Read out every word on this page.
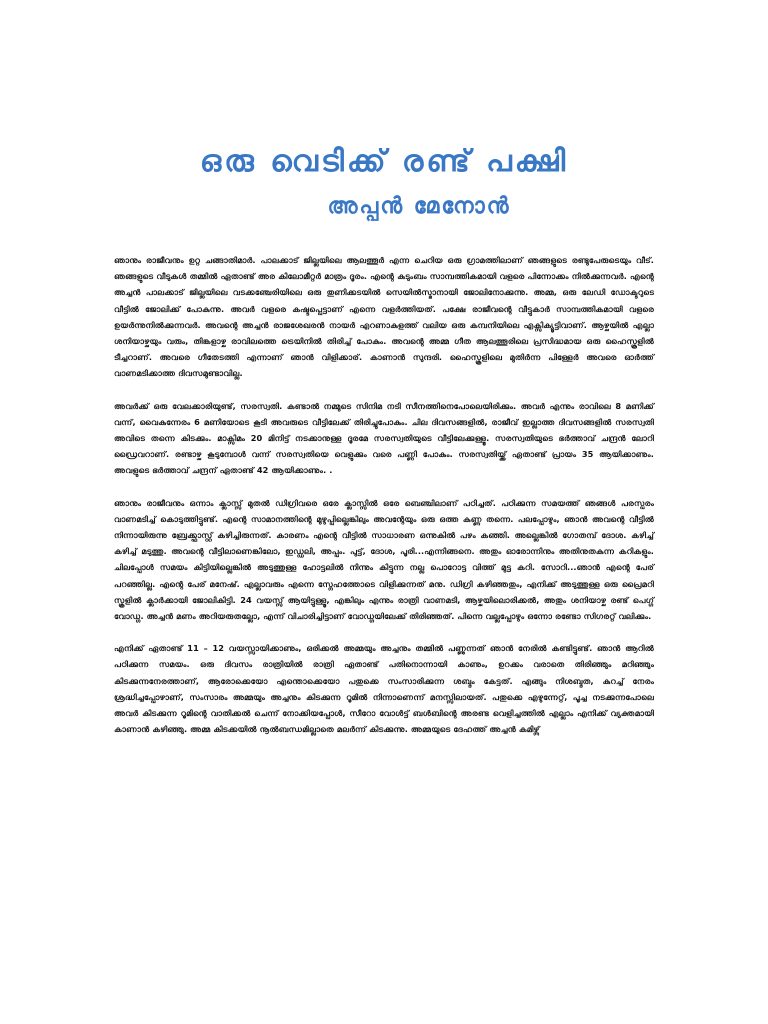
ഒരു വെടിക്ക് രണ്ട് പക്ഷി
അപ്പൻ മേനോൻ

ഞാനും രാജീവനും ഉറ്റ ചങ്ങാതിമാർ. പാലക്കാട് ജില്ലയിലെ ആലത്തൂർ എന്ന ചെറിയ ഒരു ഗ്രാമത്തിലാണ് ഞങ്ങളുടെ രണ്ടുപേരുടെയും വീട്. ഞങ്ങളുടെ വീടുകൾ തമ്മിൽ ഏതാണ്ട് അര കിലോമീറ്റർ മാത്രം ദൂരം. എന്റെ കുടുംബം സാമ്പത്തികമായി വളരെ പിന്നോക്കം നിൽക്കുന്നവർ. എന്റെ അച്ചൻ പാലക്കാട് ജില്ലയിലെ വടക്കഞ്ചേരിയിലെ ഒരു തുണിക്കടയിൽ സെയിൽസ്മാനായി ജോലിനോക്കുന്നു. അമ്മ, ഒരു ലേഡി ഡോക്ടറുടെ വീട്ടിൽ ജോലിക്ക് പോകുന്നു. അവർ വളരെ കഷ്ടപ്പെട്ടാണ് എന്നെ വളർത്തിയത്. പക്ഷേ രാജീവന്റെ വീട്ടുകാർ സാമ്പത്തികമായി വളരെ ഉയർന്നുനിൽക്കുന്നവർ. അവന്റെ അച്ചൻ രാജശേഖരൻ നായർ എറണാകുളത്ത് വലിയ ഒരു കമ്പനിയിലെ എക്സിക്യൂട്ടിവാണ്. ആഴ്ചയിൽ എല്ലാ ശനിയാഴ്ചയും വരും, തിങ്കളാഴ്ച രാവിലത്തെ ട്രെയിനിൽ തിരിച്ച് പോകും. അവന്റെ അമ്മ ഗീത ആലത്തൂരിലെ പ്രസിദ്ധമായ ഒരു ഹൈസ്കൂളിൽ ടീച്ചറാണ്. അവരെ ഗീതേടത്തി എന്നാണ് ഞാൻ വിളിക്കാര്. കാണാൻ സുന്ദരി. ഹൈസ്കൂളിലെ മുതിർന്ന പിള്ളേർ അവരെ ഓർത്ത് വാണമടിക്കാത്ത ദിവസമുണ്ടാവില്ല.

അവർക്ക് ഒരു വേലക്കാരിയുണ്ട്, സരസ്വതി. കണ്ടാൽ നമ്മുടെ സിനിമ നടി സീനത്തിനെപോലെയിരിക്കും. അവർ എന്നും രാവിലെ 8 മണിക്ക് വന്ന്, വൈകുന്നേരം 6 മണിയോടെ കൂടി അവരുടെ വീട്ടിലേക്ക് തിരിച്ചുപോകും. ചില ദിവസങ്ങളിൽ, രാജീവ് ഇല്ലാത്ത ദിവസങ്ങളിൽ സരസ്വതി അവിടെ തന്നെ കിടക്കും. മാക്സിമം 20 മിനിട്ട് നടക്കാനുള്ള ദൂരമേ സരസ്വതിയുടെ വീട്ടിലേക്കുള്ളൂ. സരസ്വതിയുടെ ഭർത്താവ് ചന്ദ്രൻ ലോറി ഡ്രൈവറാണ്. രണ്ടാഴ്ച കൂടുമ്പോൾ വന്ന് സരസ്വതിയെ വെളുക്കും വരെ പണ്ണി പോകും. സരസ്വതിയ്ക്ക് ഏതാണ്ട് പ്രായം 35 ആയിക്കാണും. അവളുടെ ഭർത്താവ് ചന്ദ്രന് ഏതാണ്ട് 42 ആയിക്കാണും. .

ഞാനും രാജീവനും ഒന്നാം ക്ലാസ്സ് മുതൽ ഡിഗ്രിവരെ ഒരേ ക്ലാസ്സിൽ ഒരേ ബെഞ്ചിലാണ് പഠിച്ചത്. പഠിക്കുന്ന സമയത്ത് ഞങ്ങൾ പരസ്പരം വാണമടിച്ച് കൊടുത്തിട്ടുണ്ട്. എന്റെ സാമാനത്തിന്റെ മുഴുപ്പില്ലെങ്കിലും അവന്റേയും ഒരു ഒത്ത കുണ്ണ തന്നെ. പലപ്പോഴും, ഞാൻ അവന്റെ വീട്ടിൽ നിന്നായിരുന്നു ബ്രേക്ക്ഫാസ്റ്റ് കഴിച്ചിരുന്നത്. കാരണം എന്റെ വീട്ടിൽ സാധാരണ ഒന്നുകിൽ പഴം കഞ്ഞി. അല്ലെങ്കിൽ ഗോതമ്പ് ദോശ. കഴിച്ച് കഴിച്ച് മടുത്തു. അവന്റെ വീട്ടിലാണെങ്കിലോ, ഇഡ്ഡലി, അപ്പം. പുട്ട്, ദോശ, പൂരി...എന്നിങ്ങനെ. അതും ഓരോന്നിനും അതിനുതകുന്ന കറികളും. ചിലപ്പോൾ സമയം കിട്ടിയില്ലെങ്കിൽ അടുത്തുള്ള ഹോട്ടലിൽ നിന്നും കിട്ടുന്ന നല്ല പൊറോട്ട വിത്ത് മുട്ട കറി. സോറി...ഞാൻ എന്റെ പേര് പറഞ്ഞില്ല. എന്റെ പേര് മനേഷ്. എല്ലാവരും എന്നെ സ്നേഹത്തോടെ വിളിക്കുന്നത് മനു. ഡിഗ്രി കഴിഞ്ഞതും, എനിക്ക് അടുത്തുള്ള ഒരു പ്രൈമറി സ്കൂളിൽ ക്ലാർക്കായി ജോലികിട്ടി. 24 വയസ്സ് ആയിട്ടുള്ളൂ, എങ്കിലും എന്നും രാത്രി വാണമടി, ആഴ്ചയിലൊരിക്കൽ, അതും ശനിയാഴ്ച രണ്ട് പെഗ്ഗ് വോഡ്ഗ. അച്ചൻ മണം അറിയരുതല്ലോ, എന്ന് വിചാരിച്ചിട്ടാണ് വോഡ്ഗയിലേക്ക് തിരിഞ്ഞത്. പിന്നെ വല്ലപ്പോഴും ഒന്നോ രണ്ടോ സിഗരറ്റ് വലിക്കും.

എനിക്ക് ഏതാണ്ട് 11 – 12 വയസ്സായിക്കാണും, ഒരിക്കൽ അമ്മയും അച്ചനും തമ്മിൽ പണ്ണുന്നത് ഞാൻ നേരിൽ കണ്ടിട്ടുണ്ട്. ഞാൻ ആറിൽ പഠിക്കുന്ന സമയം. ഒരു ദിവസം രാത്രിയിൽ രാത്രി ഏതാണ്ട് പതിനൊന്നായി കാണും, ഉറക്കം വരാതെ തിരിഞ്ഞും മറിഞ്ഞും കിടക്കുന്നനേരത്താണ്, ആരോക്കെയോ എന്തൊക്കെയോ പതുക്കെ സംസാരിക്കുന്ന ശബ്ദം കേട്ടത്. എങ്ങും നിശബ്ദത, കുറച്ച് നേരം ശ്രദ്ധിച്ചപ്പോഴാണ്, സംസാരം അമ്മയും അച്ചനും കിടക്കുന്ന റൂമിൽ നിന്നാണെന്ന് മനസ്സിലായത്. പതുക്കെ എഴുന്നേറ്റ്, പൂച്ച നടക്കുന്നപോലെ അവർ കിടക്കുന്ന റൂമിന്റെ വാതിക്കൽ ചെന്ന് നോക്കിയപ്പോൾ, സീറോ വോൾട്ട് ബൾബിന്റെ അരണ്ട വെളിച്ചത്തിൽ എല്ലാം എനിക്ക് വ്യക്തമായി കാണാൻ കഴിഞ്ഞു. അമ്മ കിടക്കയിൽ നൂൽബന്ധമില്ലാതെ മലർന്ന് കിടക്കുന്നു. അമ്മയുടെ ദേഹത്ത് അച്ചൻ കമിഴ്ന്ന്
